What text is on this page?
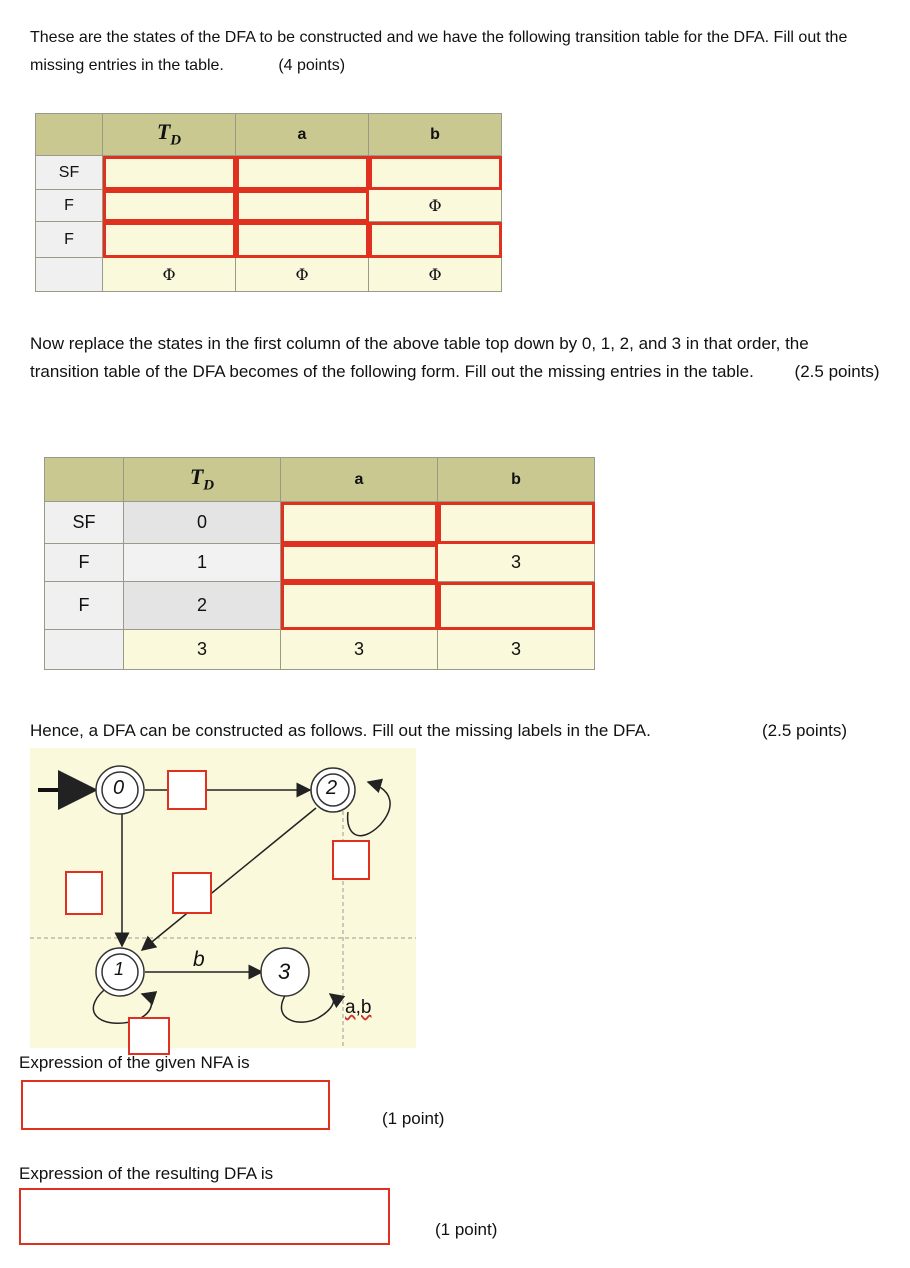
These are the states of the DFA to be constructed and we have the following transition table for the DFA. Fill out the missing entries in the table.	(4 points)
	$T_D$	a	b
SF			
F			Φ
F			
	Φ	Φ	Φ
Now replace the states in the first column of the above table top down by 0, 1, 2, and 3 in that order, the transition table of the DFA becomes of the following form. Fill out the missing entries in the table. (2.5 points)
	$T_D$	a	b
SF	0		
F	1		3
F	2		
	3	3	3
Hence, a DFA can be constructed as follows. Fill out the missing labels in the DFA.	(2.5 points)
0	2
1	3
b
a,b
Expression of the given NFA is
(1 point)
Expression of the resulting DFA is
(1 point)
